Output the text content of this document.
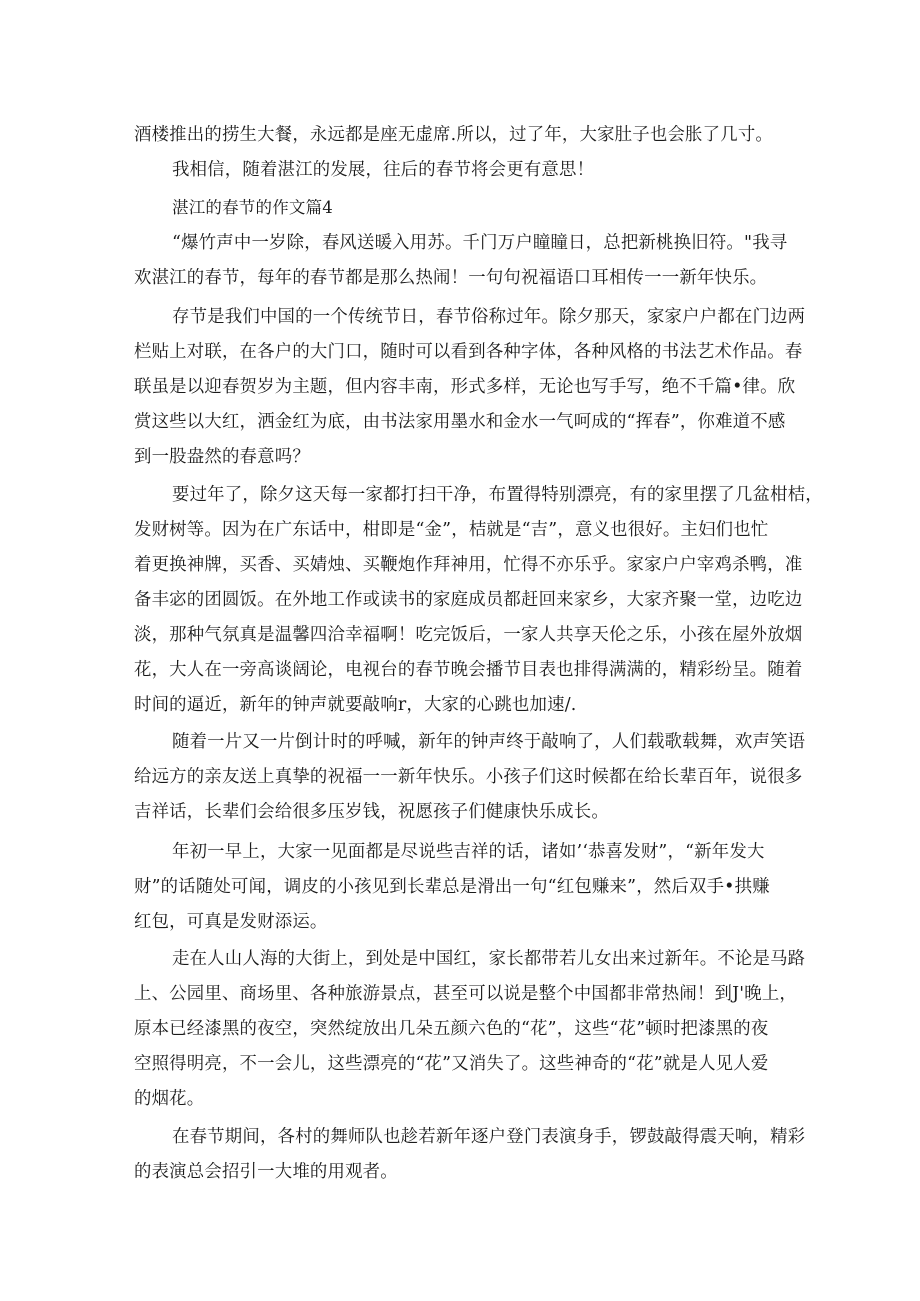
酒楼推出的捞生大餐，永远都是座无虚席.所以，过了年，大家肚子也会胀了几寸。
我相信，随着湛江的发展，往后的春节将会更有意思！
湛江的春节的作文篇4
“爆竹声中一岁除，春风送暖入用苏。千门万户瞳瞳日，总把新桃换旧符。"我寻
欢湛江的春节，每年的春节都是那么热闹！一句句祝福语口耳相传一一新年快乐。
存节是我们中国的一个传统节日，春节俗称过年。除夕那天，家家户户都在门边两
栏贴上对联，在各户的大门口，随时可以看到各种字体，各种风格的书法艺术作品。春
联虽是以迎春贺岁为主题，但内容丰南，形式多样，无论也写手写，绝不千篇•律。欣
赏这些以大红，洒金红为底，由书法家用墨水和金水一气呵成的“挥春”，你难道不感
到一股盎然的春意吗？
要过年了，除夕这天每一家都打扫干净，布置得特别漂亮，有的家里摆了几盆柑桔，
发财树等。因为在广东话中，柑即是“金”，桔就是“吉”，意义也很好。主妇们也忙
着更换神牌，买香、买婧烛、买鞭炮作拜神用，忙得不亦乐乎。家家户户宰鸡杀鸭，准
备丰宓的团圆饭。在外地工作或读书的家庭成员都赶回来家乡，大家齐聚一堂，边吃边
淡，那种气氛真是温馨四洽幸福啊！吃完饭后，一家人共享天伦之乐，小孩在屋外放烟
花，大人在一旁高谈阔论，电视台的春节晚会播节目表也排得满满的，精彩纷呈。随着
时间的逼近，新年的钟声就要敲响r，大家的心跳也加速/.
随着一片又一片倒计时的呼喊，新年的钟声终于敲响了，人们载歌载舞，欢声笑语
给远方的亲友送上真挚的祝福一一新年快乐。小孩子们这时候都在给长辈百年，说很多
吉祥话，长辈们会给很多压岁钱，祝愿孩子们健康快乐成长。
年初一早上，大家一见面都是尽说些吉祥的话，诸如’‘恭喜发财”，“新年发大
财”的话随处可闻，调皮的小孩见到长辈总是滑出一句“红包赚来”，然后双手•拱赚
红包，可真是发财添运。
走在人山人海的大街上，到处是中国红，家长都带若儿女出来过新年。不论是马路
上、公园里、商场里、各种旅游景点，甚至可以说是整个中国都非常热闹！到J'晚上，
原本已经漆黑的夜空，突然绽放出几朵五颜六色的“花”，这些“花”顿时把漆黑的夜
空照得明亮，不一会儿，这些漂亮的“花”又消失了。这些神奇的“花”就是人见人爱
的烟花。
在春节期间，各村的舞师队也趁若新年逐户登门表演身手，锣鼓敲得震天响，精彩
的表演总会招引一大堆的用观者。
